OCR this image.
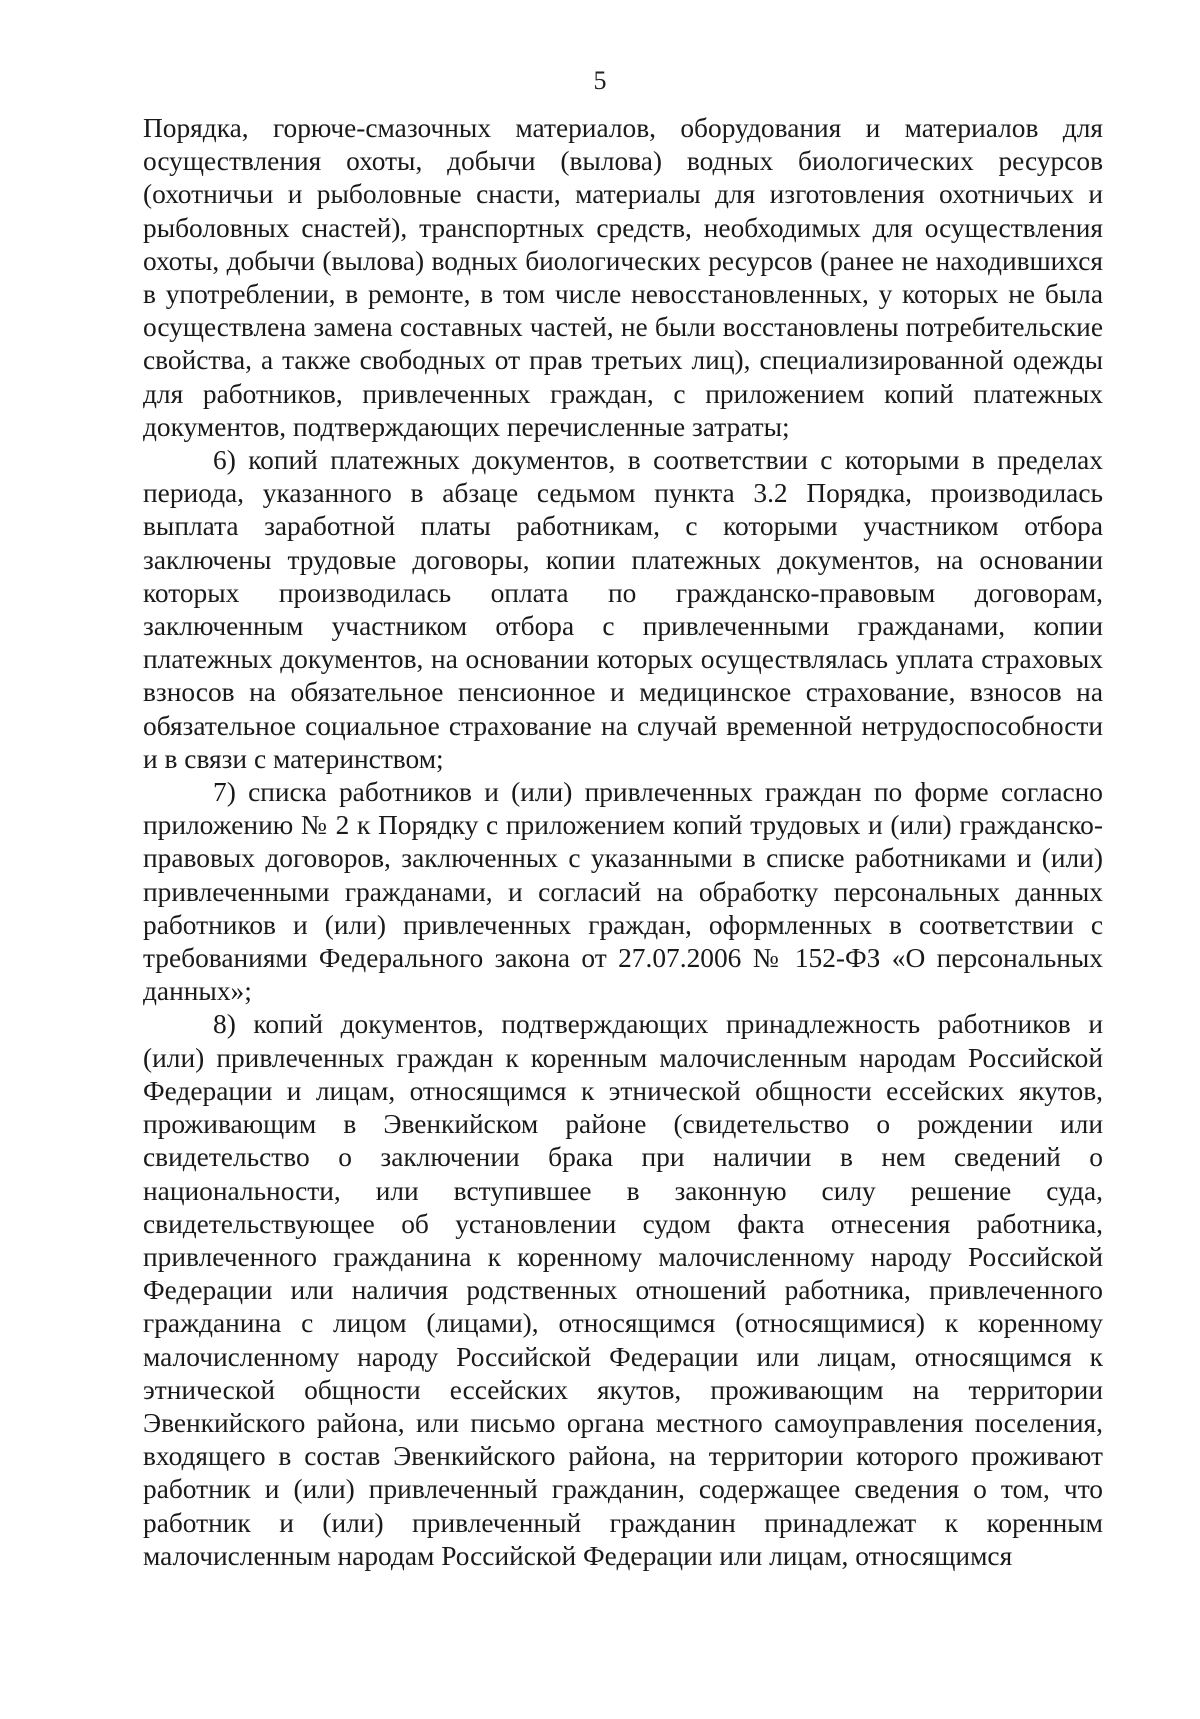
5

Порядка, горюче-смазочных материалов, оборудования и материалов для осуществления охоты, добычи (вылова) водных биологических ресурсов (охотничьи и рыболовные снасти, материалы для изготовления охотничьих и рыболовных снастей), транспортных средств, необходимых для осуществления охоты, добычи (вылова) водных биологических ресурсов (ранее не находившихся в употреблении, в ремонте, в том числе невосстановленных, у которых не была осуществлена замена составных частей, не были восстановлены потребительские свойства, а также свободных от прав третьих лиц), специализированной одежды для работников, привлеченных граждан, с приложением копий платежных документов, подтверждающих перечисленные затраты;

6) копий платежных документов, в соответствии с которыми в пределах периода, указанного в абзаце седьмом пункта 3.2 Порядка, производилась выплата заработной платы работникам, с которыми участником отбора заключены трудовые договоры, копии платежных документов, на основании которых производилась оплата по гражданско-правовым договорам, заключенным участником отбора с привлеченными гражданами, копии платежных документов, на основании которых осуществлялась уплата страховых взносов на обязательное пенсионное и медицинское страхование, взносов на обязательное социальное страхование на случай временной нетрудоспособности и в связи с материнством;

7) списка работников и (или) привлеченных граждан по форме согласно приложению № 2 к Порядку с приложением копий трудовых и (или) гражданско-правовых договоров, заключенных с указанными в списке работниками и (или) привлеченными гражданами, и согласий на обработку персональных данных работников и (или) привлеченных граждан, оформленных в соответствии с требованиями Федерального закона от 27.07.2006 № 152-ФЗ «О персональных данных»;

8) копий документов, подтверждающих принадлежность работников и (или) привлеченных граждан к коренным малочисленным народам Российской Федерации и лицам, относящимся к этнической общности ессейских якутов, проживающим в Эвенкийском районе (свидетельство о рождении или свидетельство о заключении брака при наличии в нем сведений о национальности, или вступившее в законную силу решение суда, свидетельствующее об установлении судом факта отнесения работника, привлеченного гражданина к коренному малочисленному народу Российской Федерации или наличия родственных отношений работника, привлеченного гражданина с лицом (лицами), относящимся (относящимися) к коренному малочисленному народу Российской Федерации или лицам, относящимся к этнической общности ессейских якутов, проживающим на территории Эвенкийского района, или письмо органа местного самоуправления поселения, входящего в состав Эвенкийского района, на территории которого проживают работник и (или) привлеченный гражданин, содержащее сведения о том, что работник и (или) привлеченный гражданин принадлежат к коренным малочисленным народам Российской Федерации или лицам, относящимся
